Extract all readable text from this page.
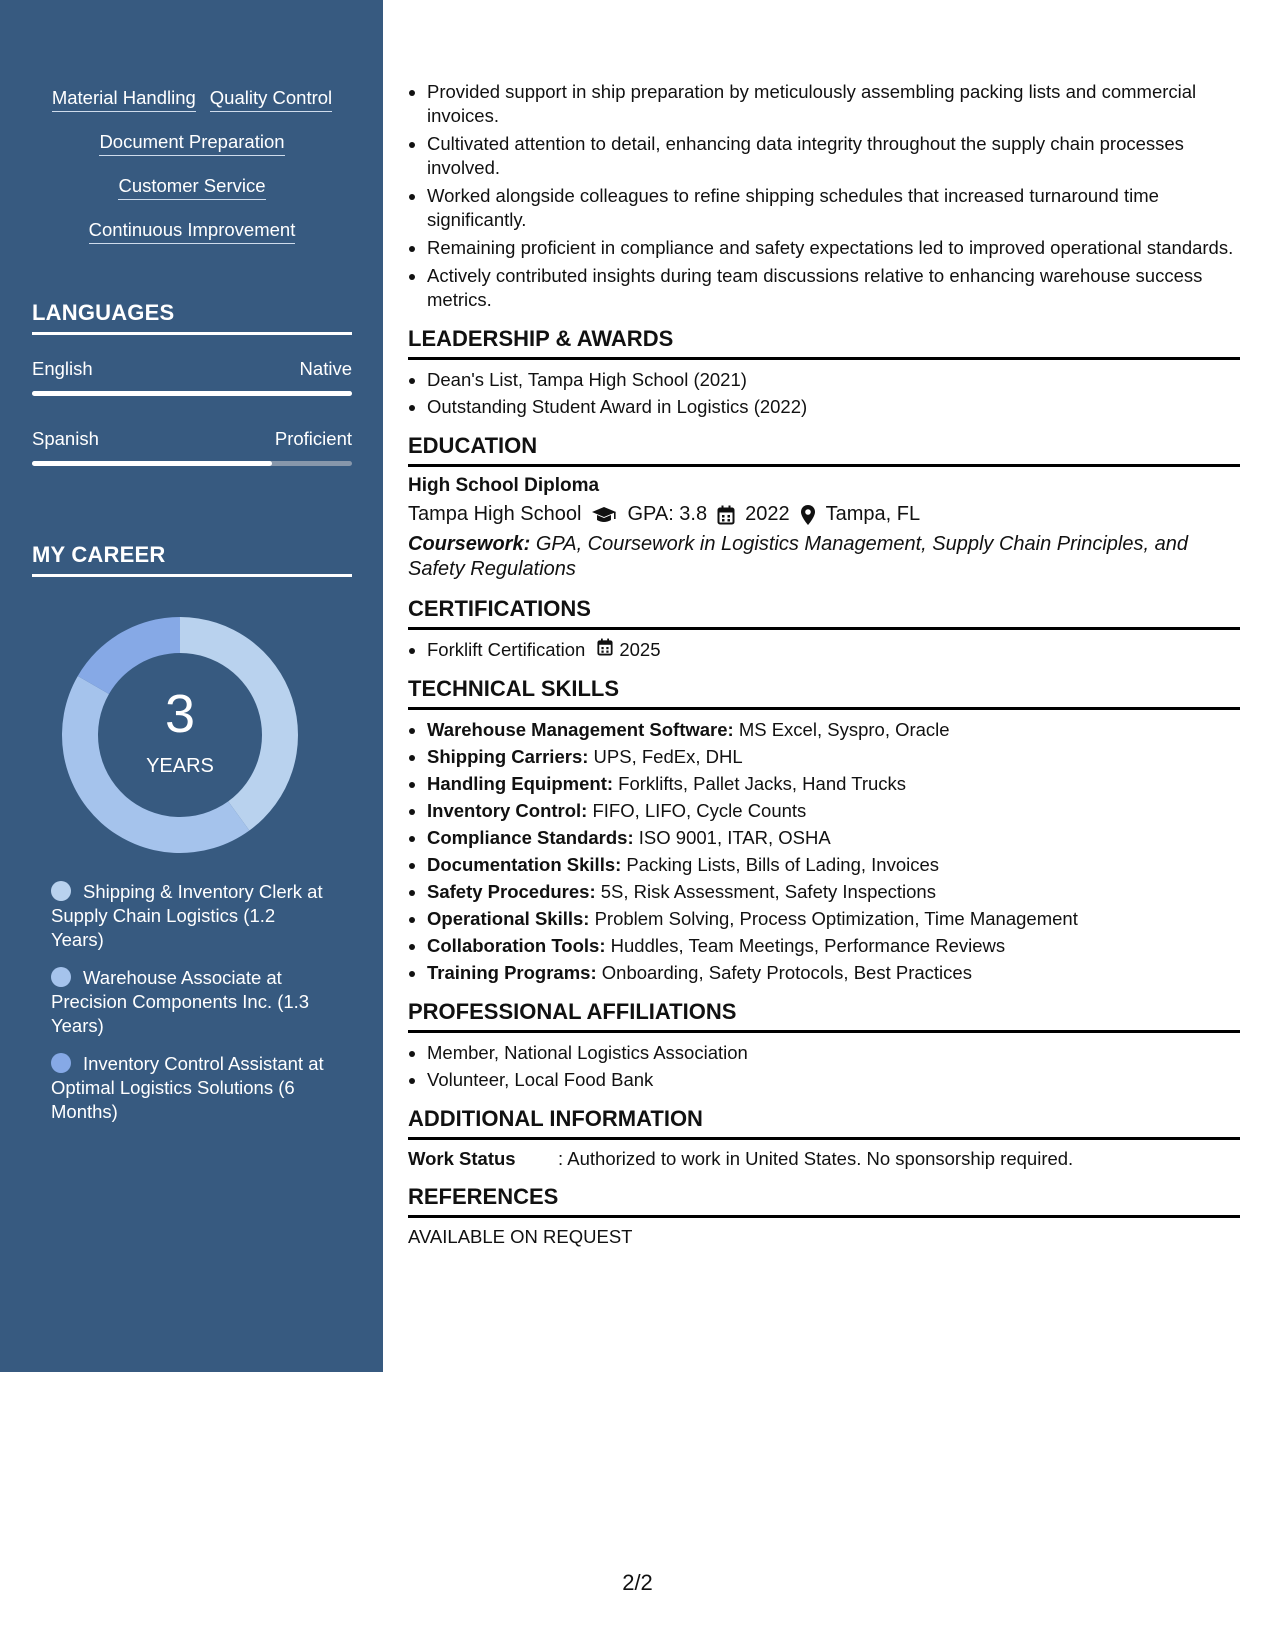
Material Handling Quality Control
Document Preparation
Customer Service
Continuous Improvement
LANGUAGES
English	Native
Spanish	Proficient
MY CAREER
3
YEARS
Shipping & Inventory Clerk at Supply Chain Logistics (1.2 Years)
Warehouse Associate at Precision Components Inc. (1.3 Years)
Inventory Control Assistant at Optimal Logistics Solutions (6 Months)
• Provided support in ship preparation by meticulously assembling packing lists and commercial invoices.
• Cultivated attention to detail, enhancing data integrity throughout the supply chain processes involved.
• Worked alongside colleagues to refine shipping schedules that increased turnaround time significantly.
• Remaining proficient in compliance and safety expectations led to improved operational standards.
• Actively contributed insights during team discussions relative to enhancing warehouse success metrics.
LEADERSHIP & AWARDS
• Dean's List, Tampa High School (2021)
• Outstanding Student Award in Logistics (2022)
EDUCATION
High School Diploma
Tampa High School GPA: 3.8 2022 Tampa, FL
Coursework: GPA, Coursework in Logistics Management, Supply Chain Principles, and Safety Regulations
CERTIFICATIONS
• Forklift Certification 2025
TECHNICAL SKILLS
• Warehouse Management Software: MS Excel, Syspro, Oracle
• Shipping Carriers: UPS, FedEx, DHL
• Handling Equipment: Forklifts, Pallet Jacks, Hand Trucks
• Inventory Control: FIFO, LIFO, Cycle Counts
• Compliance Standards: ISO 9001, ITAR, OSHA
• Documentation Skills: Packing Lists, Bills of Lading, Invoices
• Safety Procedures: 5S, Risk Assessment, Safety Inspections
• Operational Skills: Problem Solving, Process Optimization, Time Management
• Collaboration Tools: Huddles, Team Meetings, Performance Reviews
• Training Programs: Onboarding, Safety Protocols, Best Practices
PROFESSIONAL AFFILIATIONS
• Member, National Logistics Association
• Volunteer, Local Food Bank
ADDITIONAL INFORMATION
Work Status	: Authorized to work in United States. No sponsorship required.
REFERENCES
AVAILABLE ON REQUEST
2/2
